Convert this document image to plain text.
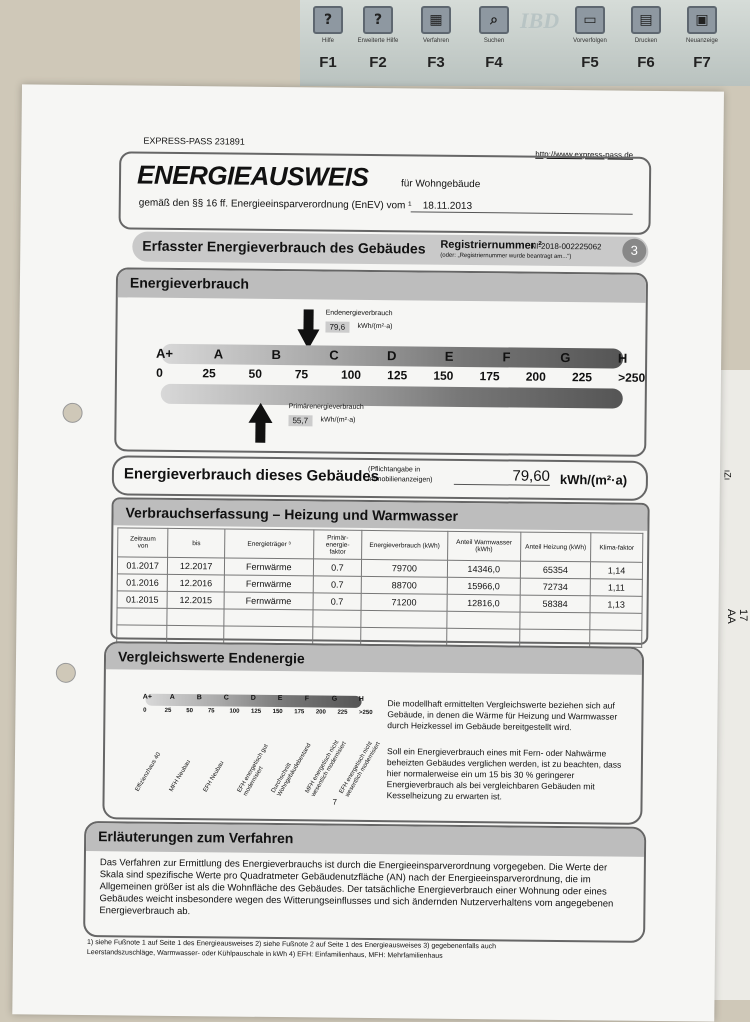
?
Hilfe
F1
?
Erweiterte Hilfe
F2
▦
Verfahren
F3
⌕
Suchen
F4
IBD	▭
Vorverfolgen
F5
▤
Drucken
F6
▣
Neuanzeige
F7
17 AA
ıZı
EXPRESS-PASS 231891
http://www.express-pass.de
ENERGIEAUSWEIS	für Wohngebäude
gemäß den §§ 16 ff. Energieeinsparverordnung (EnEV) vom ¹	18.11.2013
Erfasster Energieverbrauch des Gebäudes Registriernummer ²
NI-2018-002225062
(oder: „Registriernummer wurde beantragt am...")	3
Energieverbrauch
Endenergieverbrauch
79,6	kWh/(m²·a)
A+	A	B	C	D	E	F	G	H
0	25	50	75	100 125 150 175 200 225 >250
Primärenergieverbrauch
55,7	kWh/(m²·a)
Energieverbrauch dieses Gebäudes
(Pflichtangabe in
Immobilienanzeigen)	79,60 kWh/(m²·a)
Verbrauchserfassung – Heizung und Warmwasser
Zeitraum
von	bis	Energieträger ³	Primär-energie-faktor	Energieverbrauch (kWh)	Anteil Warmwasser (kWh)	Anteil Heizung (kWh)	Klima-faktor
01.2017	12.2017	Fernwärme	0.7	79700	14346,0	65354	1,14
01.2016	12.2016	Fernwärme	0.7	88700	15966,0	72734	1,11
01.2015	12.2015	Fernwärme	0.7	71200	12816,0	58384	1,13

Vergleichswerte Endenergie
A+	A	B	C	D	E	F	G	H
0	25 50 75 100 125 150 175 200 225 >250
Effizienzhaus 40	MFH Neubau	EFH Neubau	EFH energetisch gut modernisiert	Durchschnitt Wohngebäudebestand
MFH energetisch nicht wesentlich modernisiert
EFH energetisch nicht wesentlich modernisiert
7
Die modellhaft ermittelten Vergleichswerte beziehen sich auf Gebäude, in denen die Wärme für Heizung und Warmwasser durch Heizkessel im Gebäude bereitgestellt wird.
Soll ein Energieverbrauch eines mit Fern- oder Nahwärme beheizten Gebäudes verglichen werden, ist zu beachten, dass hier normalerweise ein um 15 bis 30 % geringerer Energieverbrauch als bei vergleichbaren Gebäuden mit Kesselheizung zu erwarten ist.
Erläuterungen zum Verfahren
Das Verfahren zur Ermittlung des Energieverbrauchs ist durch die Energieeinsparverordnung vorgegeben. Die Werte der Skala sind spezifische Werte pro Quadratmeter Gebäudenutzfläche (AN) nach der Energieeinsparverordnung, die im Allgemeinen größer ist als die Wohnfläche des Gebäudes. Der tatsächliche Energieverbrauch einer Wohnung oder eines Gebäudes weicht insbesondere wegen des Witterungseinflusses und sich ändernden Nutzerverhaltens vom angegebenen Energieverbrauch ab.
1) siehe Fußnote 1 auf Seite 1 des Energieausweises 2) siehe Fußnote 2 auf Seite 1 des Energieausweises 3) gegebenenfalls auch
Leerstandszuschläge, Warmwasser- oder Kühlpauschale in kWh 4) EFH: Einfamilienhaus, MFH: Mehrfamilienhaus
